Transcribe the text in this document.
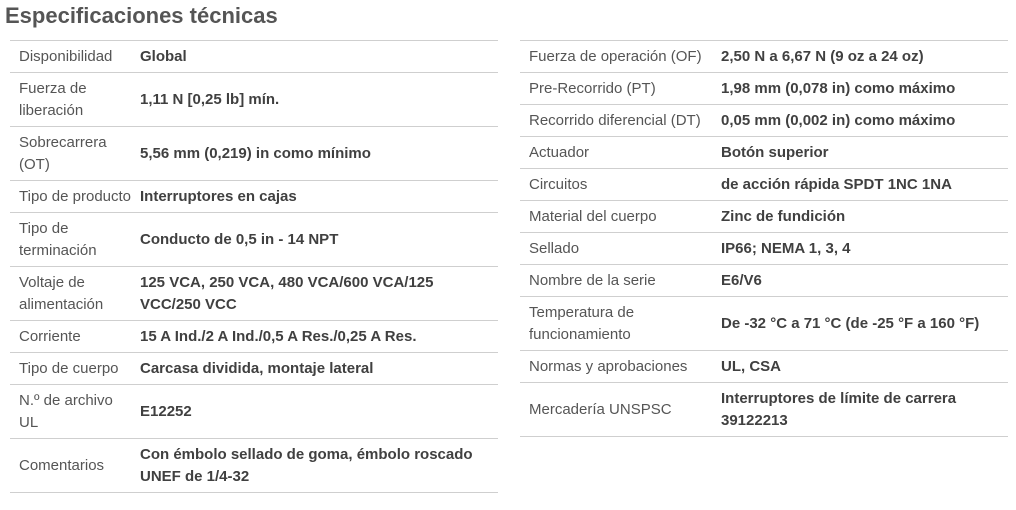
Especificaciones técnicas
Disponibilidad	Global
Fuerza de liberación	1,11 N [0,25 lb] mín.
Sobrecarrera (OT)	5,56 mm (0,219) in como mínimo
Tipo de producto	Interruptores en cajas
Tipo de terminación	Conducto de 0,5 in - 14 NPT
Voltaje de alimentación	125 VCA, 250 VCA, 480 VCA/600 VCA/125 VCC/250 VCC
Corriente	15 A Ind./2 A Ind./0,5 A Res./0,25 A Res.
Tipo de cuerpo	Carcasa dividida, montaje lateral
N.º de archivo UL	E12252
Comentarios	Con émbolo sellado de goma, émbolo roscado UNEF de 1/4-32
Fuerza de operación (OF)	2,50 N a 6,67 N (9 oz a 24 oz)
Pre-Recorrido (PT)	1,98 mm (0,078 in) como máximo
Recorrido diferencial (DT)	0,05 mm (0,002 in) como máximo
Actuador	Botón superior
Circuitos	de acción rápida SPDT 1NC 1NA
Material del cuerpo	Zinc de fundición
Sellado	IP66; NEMA 1, 3, 4
Nombre de la serie	E6/V6
Temperatura de funcionamiento	De -32 °C a 71 °C (de -25 °F a 160 °F)
Normas y aprobaciones	UL, CSA
Mercadería UNSPSC	Interruptores de límite de carrera 39122213
